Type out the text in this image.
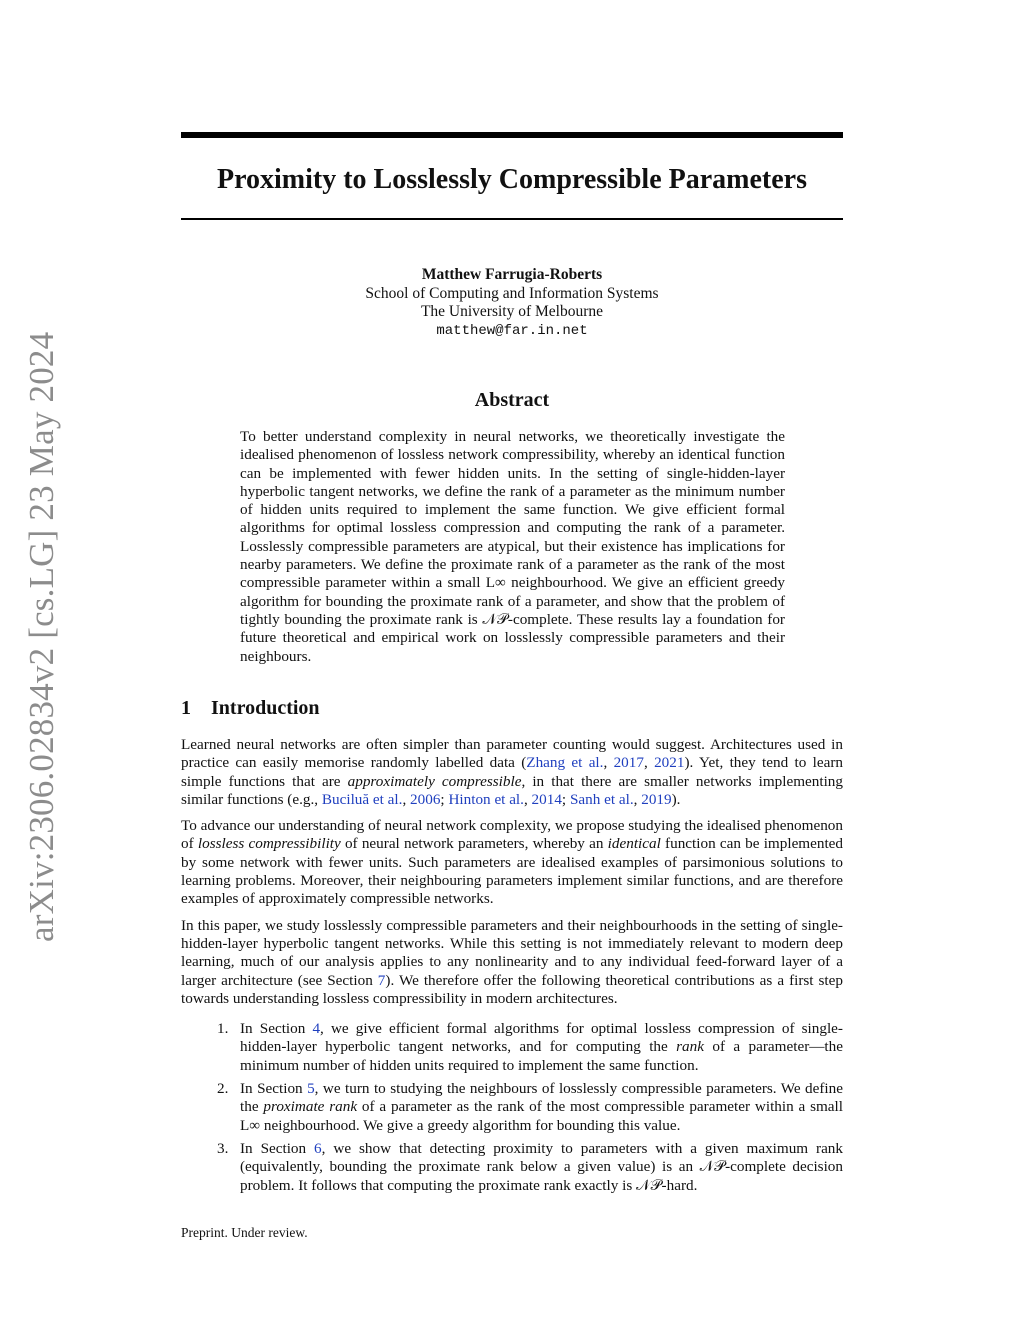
arXiv:2306.02834v2 [cs.LG] 23 May 2024
Proximity to Losslessly Compressible Parameters
Matthew Farrugia-Roberts
School of Computing and Information Systems
The University of Melbourne
matthew@far.in.net
Abstract
To better understand complexity in neural networks, we theoretically investigate the idealised phenomenon of lossless network compressibility, whereby an identical function can be implemented with fewer hidden units. In the setting of single-hidden-layer hyperbolic tangent networks, we define the rank of a parameter as the minimum number of hidden units required to implement the same function. We give efficient formal algorithms for optimal lossless compression and computing the rank of a parameter. Losslessly compressible parameters are atypical, but their existence has implications for nearby parameters. We define the proximate rank of a parameter as the rank of the most compressible parameter within a small L∞ neighbourhood. We give an efficient greedy algorithm for bounding the proximate rank of a parameter, and show that the problem of tightly bounding the proximate rank is 𝒩𝒫-complete. These results lay a foundation for future theoretical and empirical work on losslessly compressible parameters and their neighbours.
1 Introduction

Learned neural networks are often simpler than parameter counting would suggest. Architectures used in practice can easily memorise randomly labelled data (Zhang et al., 2017, 2021). Yet, they tend to learn simple functions that are approximately compressible, in that there are smaller networks implementing similar functions (e.g., Buciluă et al., 2006; Hinton et al., 2014; Sanh et al., 2019).

To advance our understanding of neural network complexity, we propose studying the idealised phenomenon of lossless compressibility of neural network parameters, whereby an identical function can be implemented by some network with fewer units. Such parameters are idealised examples of parsimonious solutions to learning problems. Moreover, their neighbouring parameters implement similar functions, and are therefore examples of approximately compressible networks.

In this paper, we study losslessly compressible parameters and their neighbourhoods in the setting of single-hidden-layer hyperbolic tangent networks. While this setting is not immediately relevant to modern deep learning, much of our analysis applies to any nonlinearity and to any individual feed-forward layer of a larger architecture (see Section 7). We therefore offer the following theoretical contributions as a first step towards understanding lossless compressibility in modern architectures.

1. In Section 4, we give efficient formal algorithms for optimal lossless compression of single-hidden-layer hyperbolic tangent networks, and for computing the rank of a parameter—the minimum number of hidden units required to implement the same function.
2. In Section 5, we turn to studying the neighbours of losslessly compressible parameters. We define the proximate rank of a parameter as the rank of the most compressible parameter within a small L∞ neighbourhood. We give a greedy algorithm for bounding this value.
3. In Section 6, we show that detecting proximity to parameters with a given maximum rank (equivalently, bounding the proximate rank below a given value) is an 𝒩𝒫-complete decision problem. It follows that computing the proximate rank exactly is 𝒩𝒫-hard.
Preprint. Under review.
